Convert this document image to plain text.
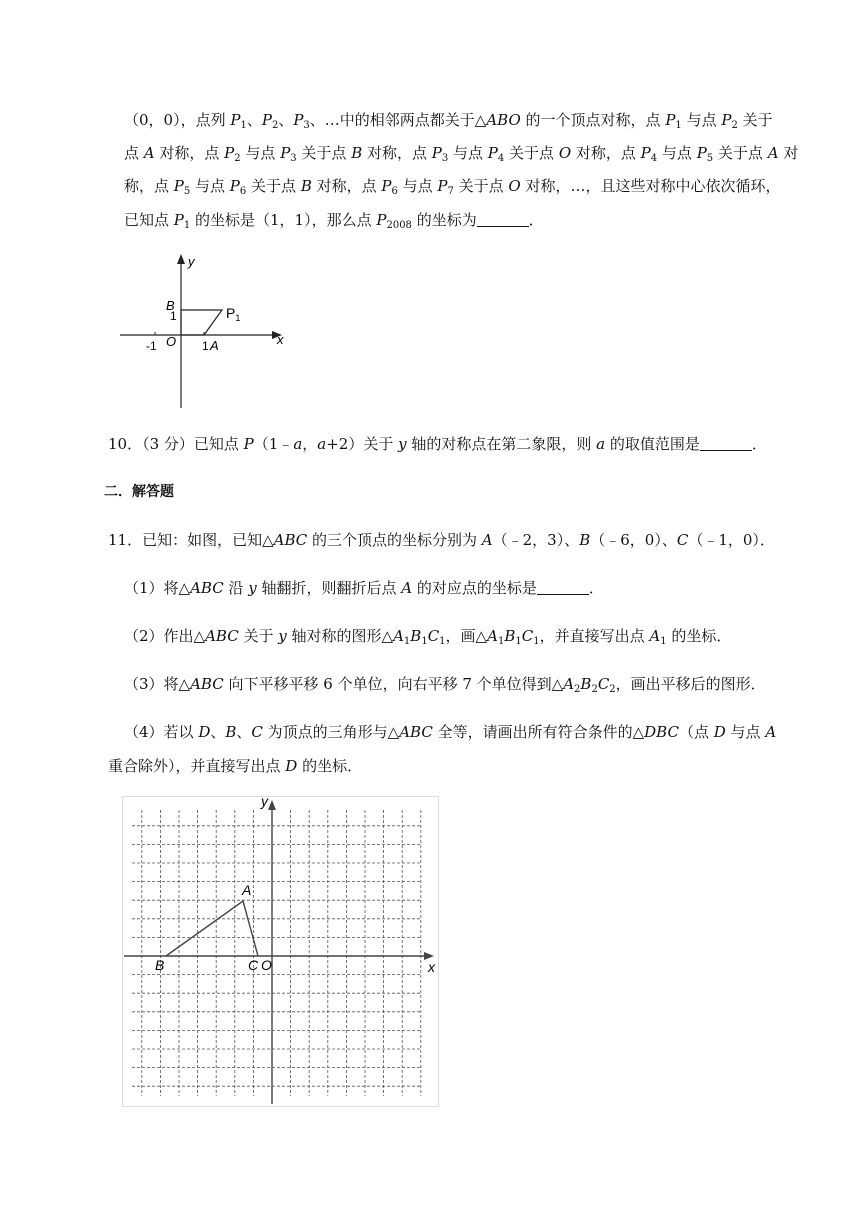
（0，0），点列 $P_1$、$P_2$、$P_3$、…中的相邻两点都关于△ABO 的一个顶点对称，点 $P_1$ 与点 $P_2$ 关于
点 A 对称，点 $P_2$ 与点 $P_3$ 关于点 B 对称，点 $P_3$ 与点 $P_4$ 关于点 O 对称，点 $P_4$ 与点 $P_5$ 关于点 A 对
称，点 $P_5$ 与点 $P_6$ 关于点 B 对称，点 $P_6$ 与点 $P_7$ 关于点 O 对称，…，且这些对称中心依次循环，
已知点 $P_1$ 的坐标是（1，1），那么点 $P_{2008}$ 的坐标为	．
y
x
B
1	$P_1$
-1 O 1 A
10．（3 分）已知点 P（1﹣a，a+2）关于 y 轴的对称点在第二象限，则 a 的取值范围是	．
二．解答题
11．已知：如图，已知△ABC 的三个顶点的坐标分别为 A（﹣2，3）、B（﹣6，0）、C（﹣1，0）．
（1）将△ABC 沿 y 轴翻折，则翻折后点 A 的对应点的坐标是	．
（2）作出△ABC 关于 y 轴对称的图形$\triangle A_1B_1C_1$，画$\triangle A_1B_1C_1$，并直接写出点 $A_1$ 的坐标．
（3）将△ABC 向下平移平移 6 个单位，向右平移 7 个单位得到$\triangle A_2B_2C_2$，画出平移后的图形．
（4）若以 D、B、C 为顶点的三角形与△ABC 全等，请画出所有符合条件的△DBC（点 D 与点 A
重合除外），并直接写出点 D 的坐标．
y
x
A
B	C O
